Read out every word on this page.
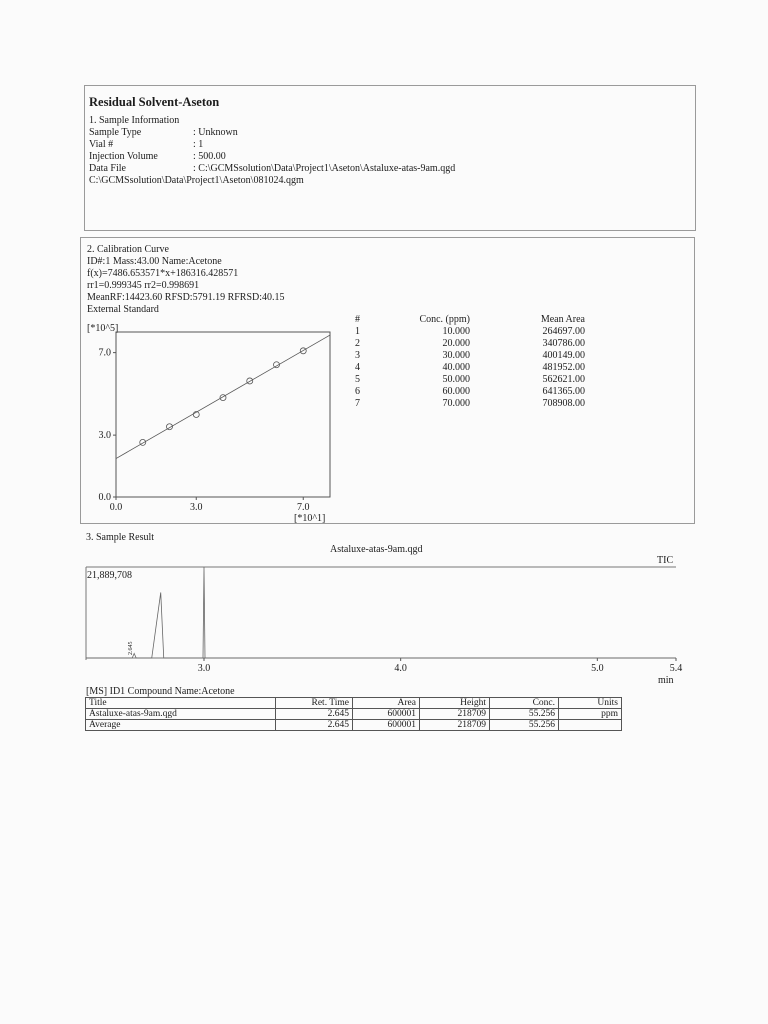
Residual Solvent-Aseton
1. Sample Information
Sample Type	: Unknown
Vial #	: 1
Injection Volume	: 500.00
Data File	: C:\GCMSsolution\Data\Project1\Aseton\Astaluxe-atas-9am.qgd
C:\GCMSsolution\Data\Project1\Aseton\081024.qgm
2. Calibration Curve
ID#:1 Mass:43.00 Name:Acetone
f(x)=7486.653571*x+186316.428571
rr1=0.999345 rr2=0.998691
MeanRF:14423.60 RFSD:5791.19 RFRSD:40.15
External Standard
[*10^5]
0.0	3.0	7.0
0.0
3.0
7.0
[*10^1]
#	Conc. (ppm)	Mean Area
1	10.000	264697.00
2	20.000	340786.00
3	30.000	400149.00
4	40.000	481952.00
5	50.000	562621.00
6	60.000	641365.00
7	70.000	708908.00
3. Sample Result
Astaluxe-atas-9am.qgd
TIC
21,889,708
3.0	4.0	5.0	5.4
2.645
min
[MS] ID1 Compound Name:Acetone
Title	Ret. Time	Area	Height	Conc.	Units
Astaluxe-atas-9am.qgd	2.645	600001	218709	55.256	ppm
Average	2.645	600001	218709	55.256	
